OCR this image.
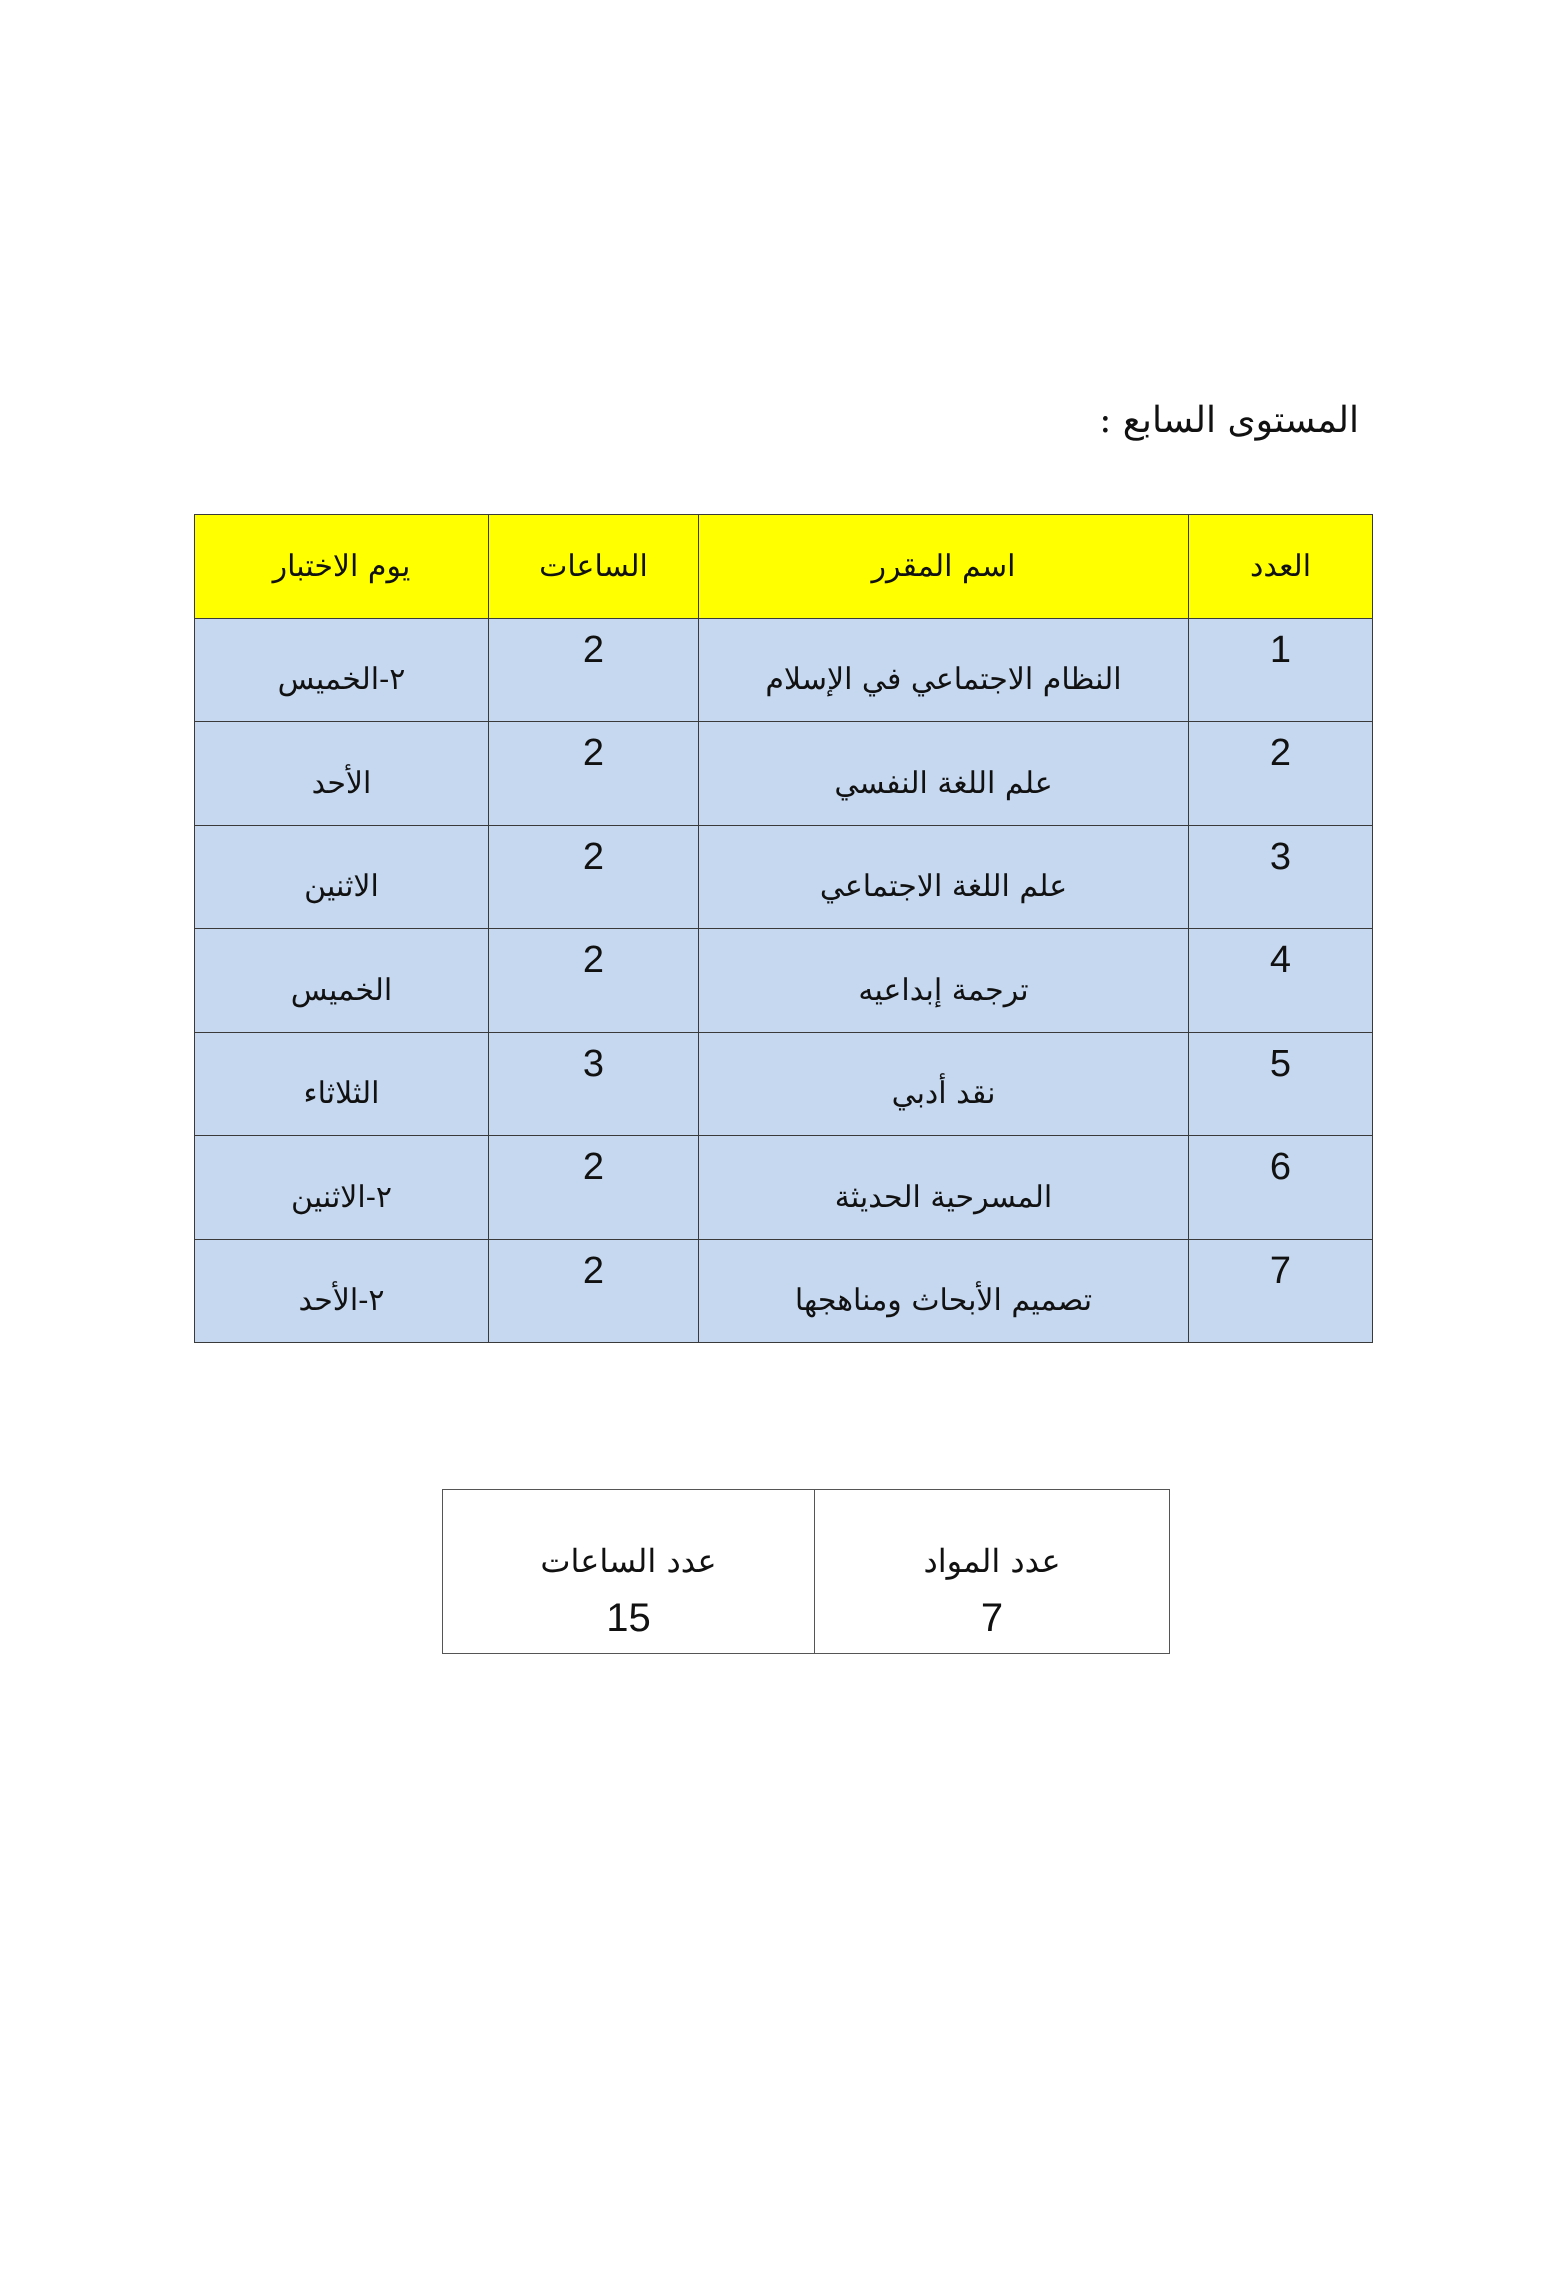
المستوى السابع :
يوم الاختبار	الساعات	اسم المقرر	العدد
٢-الخميس	2	النظام الاجتماعي في الإسلام	1
الأحد	2	علم اللغة النفسي	2
الاثنين	2	علم اللغة الاجتماعي	3
الخميس	2	ترجمة إبداعيه	4
الثلاثاء	3	نقد أدبي	5
٢-الاثنين	2	المسرحية الحديثة	6
٢-الأحد	2	تصميم الأبحاث ومناهجها	7
عدد الساعات	عدد المواد
15	7
